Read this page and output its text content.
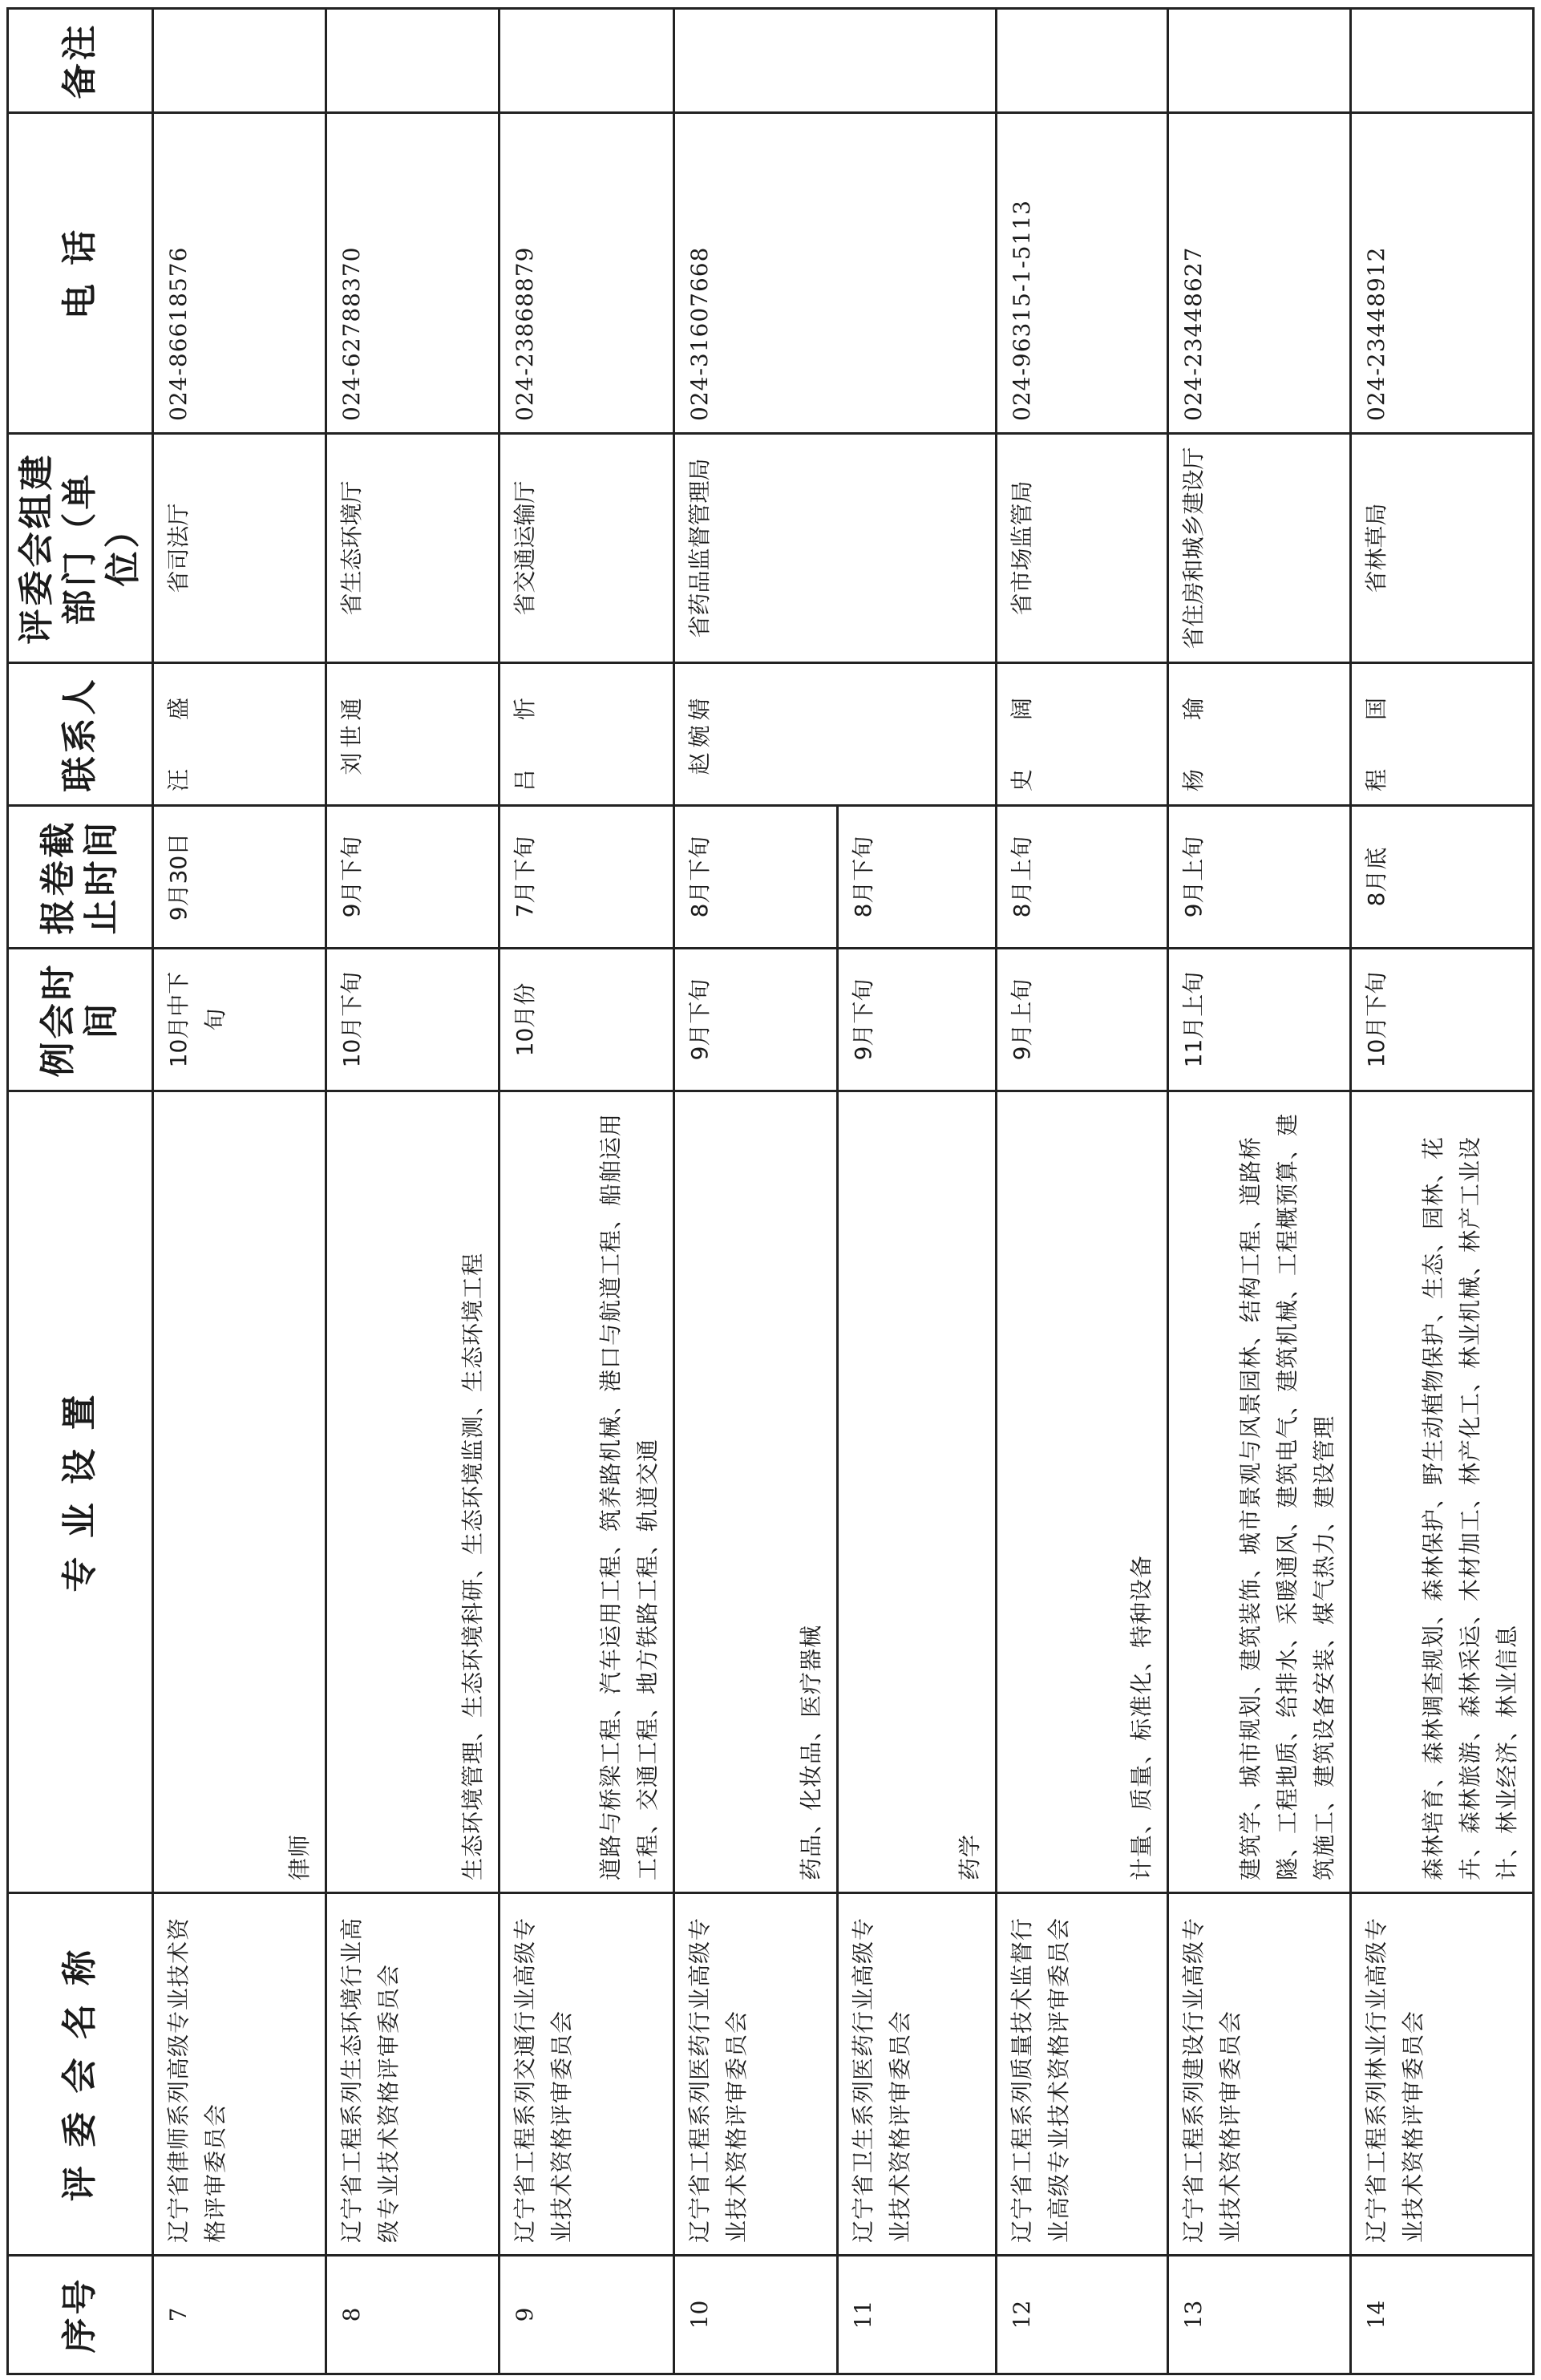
序号	评 委 会 名 称	专 业 设 置	例会时间	报卷截止时间	联系人	评委会组建部门（单位）	电 话	备注
7	辽宁省律师系列高级专业技术资格评审委员会	律师	10月中下旬	9月30日	汪 盛	省司法厅	024-86618576	
8	辽宁省工程系列生态环境行业高级专业技术资格评审委员会	生态环境管理、生态环境科研、生态环境监测、生态环境工程	10月下旬	9月下旬	刘世通	省生态环境厅	024-62788370	
9	辽宁省工程系列交通行业高级专业技术资格评审委员会	道路与桥梁工程、汽车运用工程、筑养路机械、港口与航道工程、船舶运用工程、交通工程、地方铁路工程、轨道交通	10月份	7月下旬	吕 忻	省交通运输厅	024-23868879	
10	辽宁省工程系列医药行业高级专业技术资格评审委员会	药品、化妆品、医疗器械	9月下旬	8月下旬	赵婉婧	省药品监督管理局	024-31607668	
11	辽宁省卫生系列医药行业高级专业技术资格评审委员会	药学	9月下旬	8月下旬				
12	辽宁省工程系列质量技术监督行业高级专业技术资格评审委员会	计量、质量、标准化、特种设备	9月上旬	8月上旬	史 阔	省市场监管局	024-96315-1-5113	
13	辽宁省工程系列建设行业高级专业技术资格评审委员会	建筑学、城市规划、建筑装饰、城市景观与风景园林、结构工程、道路桥隧、工程地质、给排水、采暖通风、建筑电气、建筑机械、工程概预算、建筑施工、建筑设备安装、煤气热力、建设管理	11月上旬	9月上旬	杨 瑜	省住房和城乡建设厅	024-23448627	
14	辽宁省工程系列林业行业高级专业技术资格评审委员会	森林培育、森林调查规划、森林保护、野生动植物保护、生态、园林、花卉、森林旅游、森林采运、木材加工、林产化工、林业机械、林产工业设计、林业经济、林业信息	10月下旬	8月底	程 国	省林草局	024-23448912	
